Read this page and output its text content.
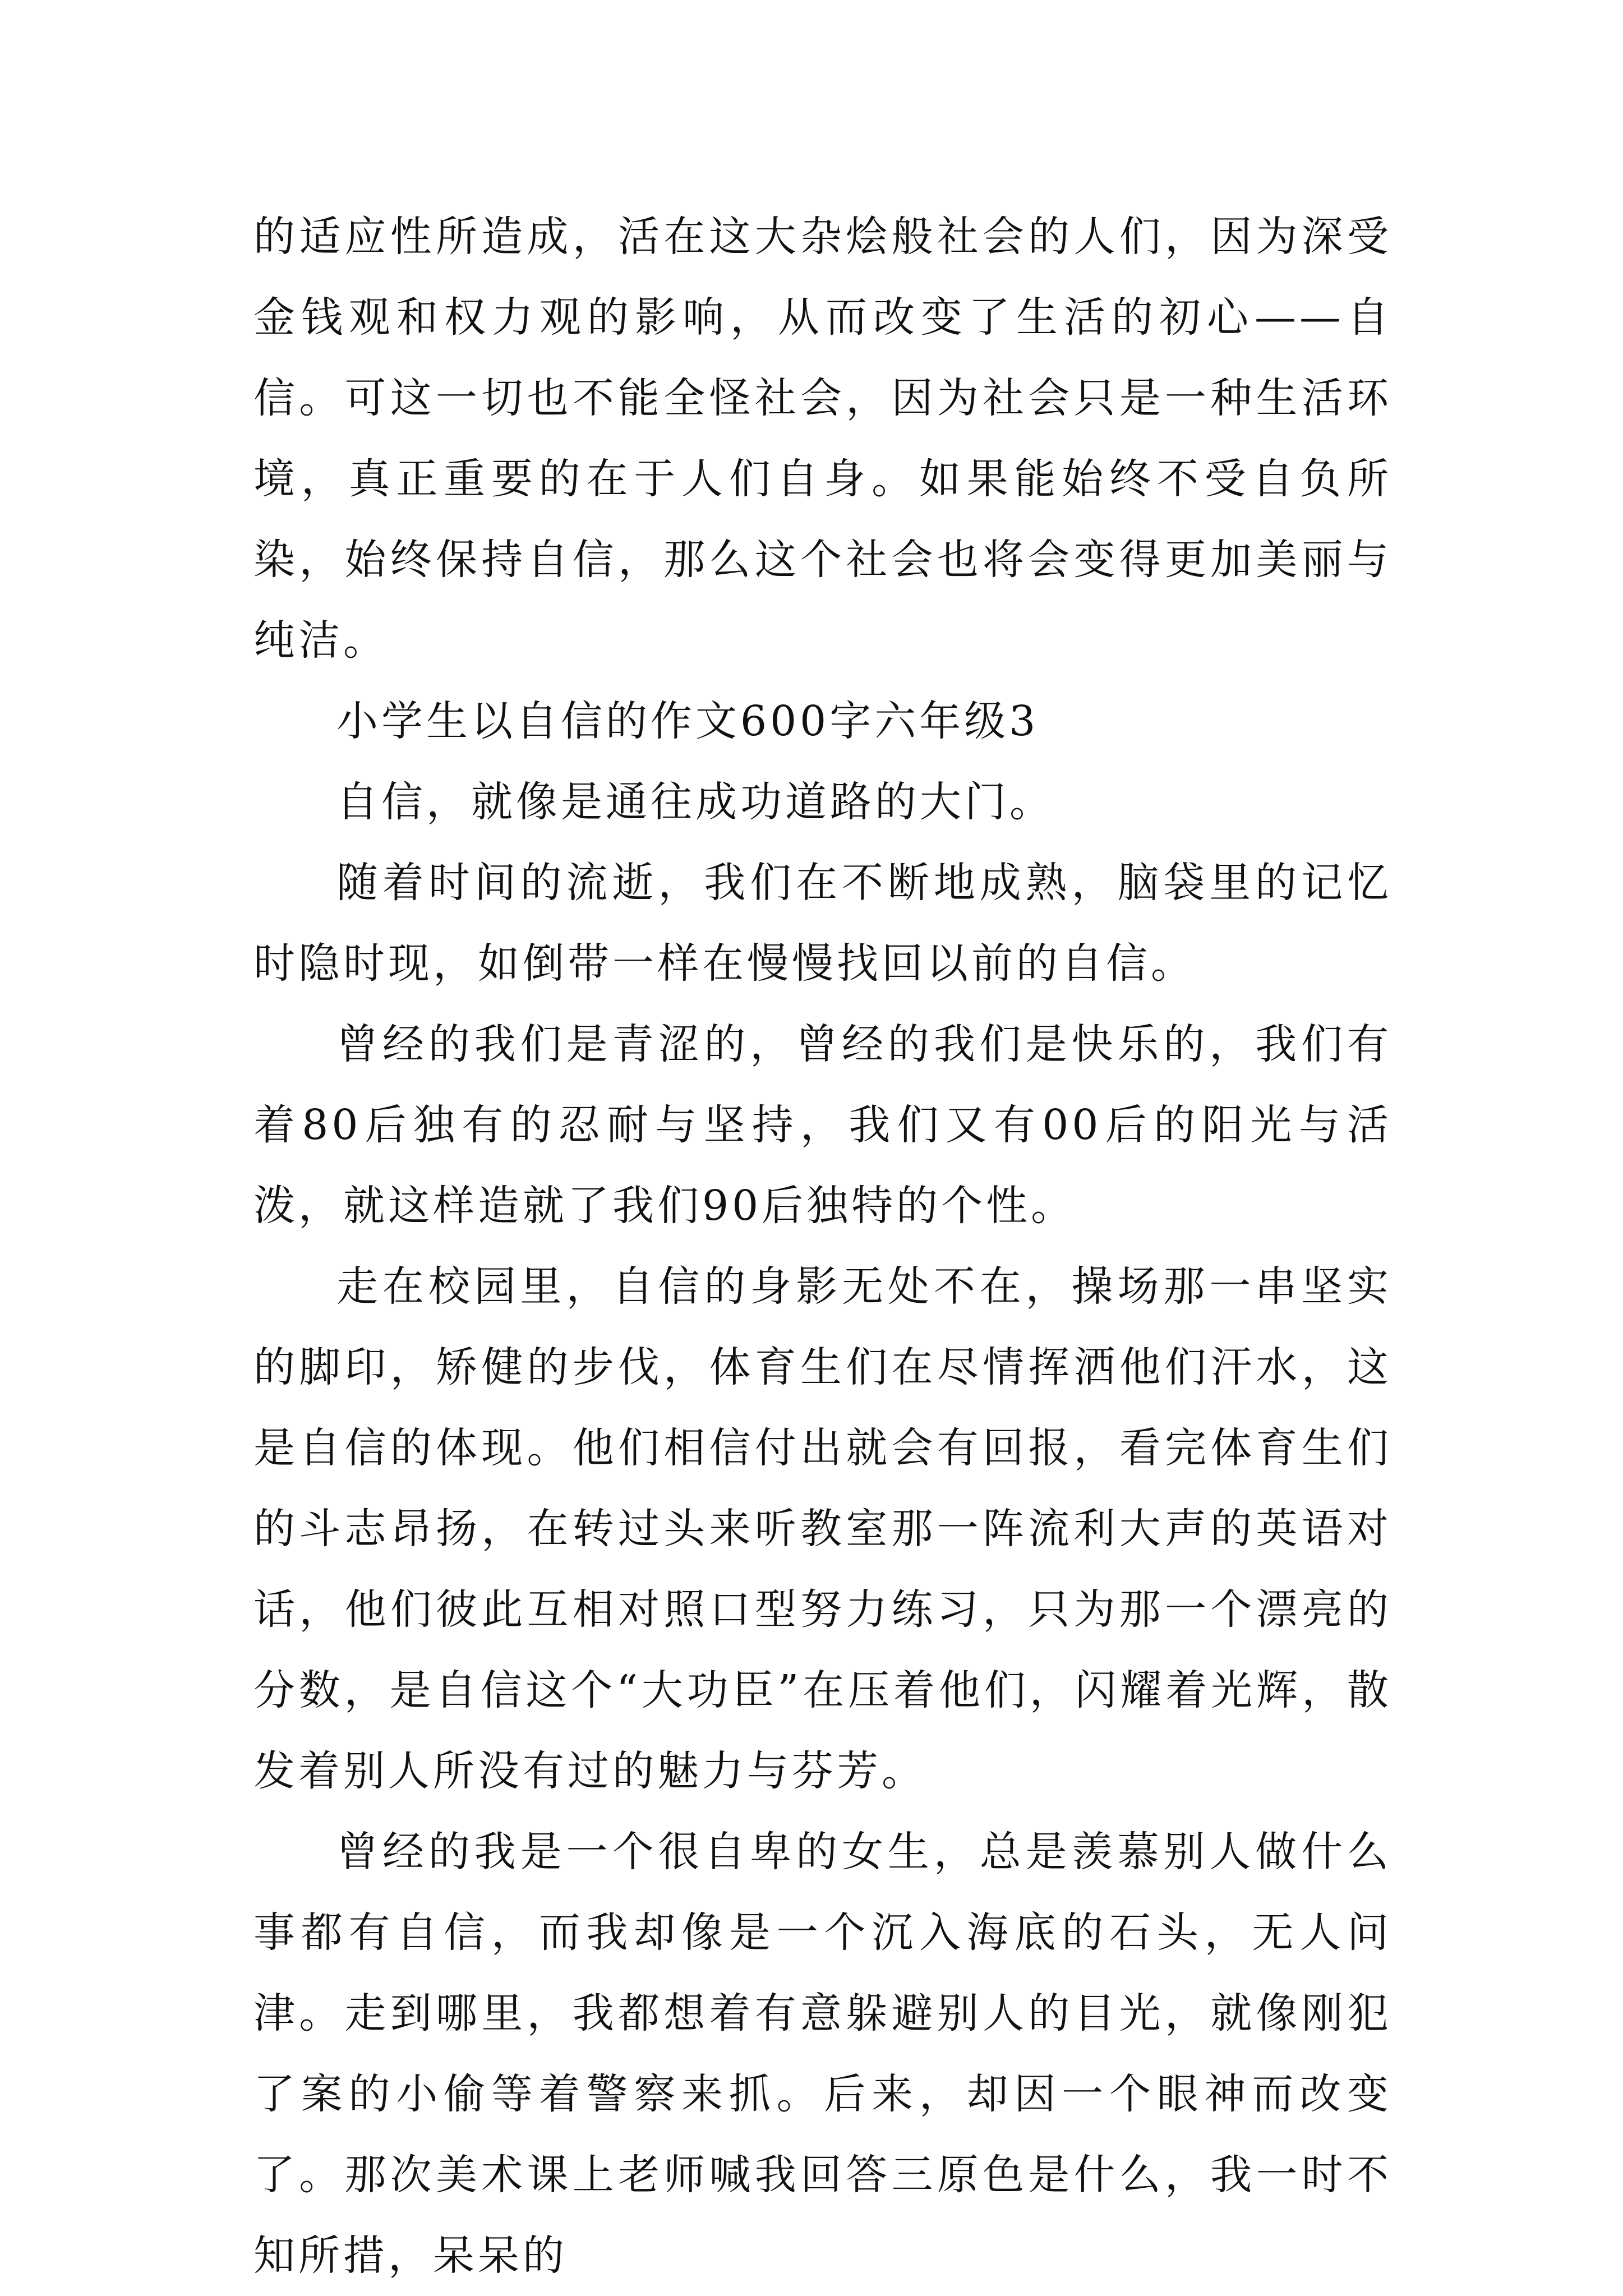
的适应性所造成，活在这大杂烩般社会的人们，因为深受金钱观和权力观的影响，从而改变了生活的初心——自信。可这一切也不能全怪社会，因为社会只是一种生活环境，真正重要的在于人们自身。如果能始终不受自负所染，始终保持自信，那么这个社会也将会变得更加美丽与纯洁。

小学生以自信的作文600字六年级3

自信，就像是通往成功道路的大门。

随着时间的流逝，我们在不断地成熟，脑袋里的记忆时隐时现，如倒带一样在慢慢找回以前的自信。

曾经的我们是青涩的，曾经的我们是快乐的，我们有着80后独有的忍耐与坚持，我们又有00后的阳光与活泼，就这样造就了我们90后独特的个性。

走在校园里，自信的身影无处不在，操场那一串坚实的脚印，矫健的步伐，体育生们在尽情挥洒他们汗水，这是自信的体现。他们相信付出就会有回报，看完体育生们的斗志昂扬，在转过头来听教室那一阵流利大声的英语对话，他们彼此互相对照口型努力练习，只为那一个漂亮的分数，是自信这个“大功臣”在压着他们，闪耀着光辉，散发着别人所没有过的魅力与芬芳。

曾经的我是一个很自卑的女生，总是羡慕别人做什么事都有自信，而我却像是一个沉入海底的石头，无人问津。走到哪里，我都想着有意躲避别人的目光，就像刚犯了案的小偷等着警察来抓。后来，却因一个眼神而改变了。那次美术课上老师喊我回答三原色是什么，我一时不知所措，呆呆的
